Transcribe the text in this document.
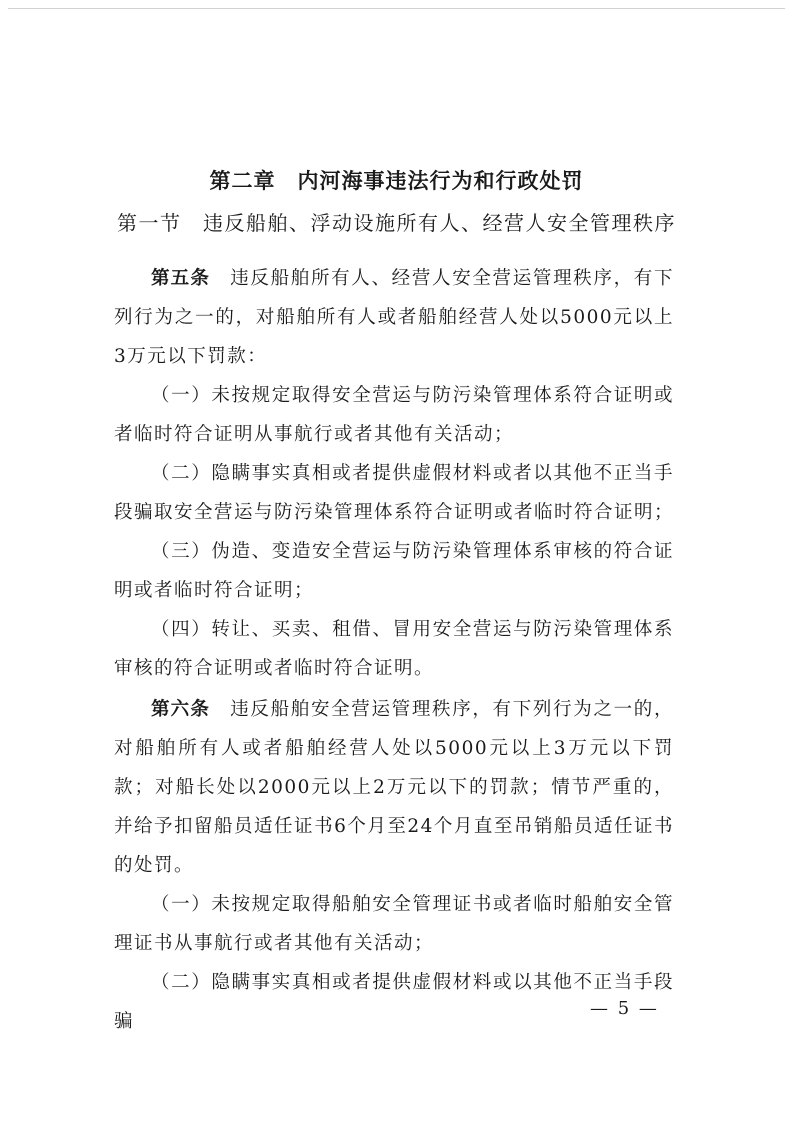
第二章　内河海事违法行为和行政处罚
第一节　违反船舶、浮动设施所有人、经营人安全管理秩序

第五条　违反船舶所有人、经营人安全营运管理秩序，有下列行为之一的，对船舶所有人或者船舶经营人处以5000元以上3万元以下罚款：

（一）未按规定取得安全营运与防污染管理体系符合证明或者临时符合证明从事航行或者其他有关活动；

（二）隐瞒事实真相或者提供虚假材料或者以其他不正当手段骗取安全营运与防污染管理体系符合证明或者临时符合证明；

（三）伪造、变造安全营运与防污染管理体系审核的符合证明或者临时符合证明；

（四）转让、买卖、租借、冒用安全营运与防污染管理体系审核的符合证明或者临时符合证明。

第六条　违反船舶安全营运管理秩序，有下列行为之一的，对船舶所有人或者船舶经营人处以5000元以上3万元以下罚款；对船长处以2000元以上2万元以下的罚款；情节严重的，并给予扣留船员适任证书6个月至24个月直至吊销船员适任证书的处罚。

（一）未按规定取得船舶安全管理证书或者临时船舶安全管理证书从事航行或者其他有关活动；

（二）隐瞒事实真相或者提供虚假材料或以其他不正当手段骗

— 5 —
